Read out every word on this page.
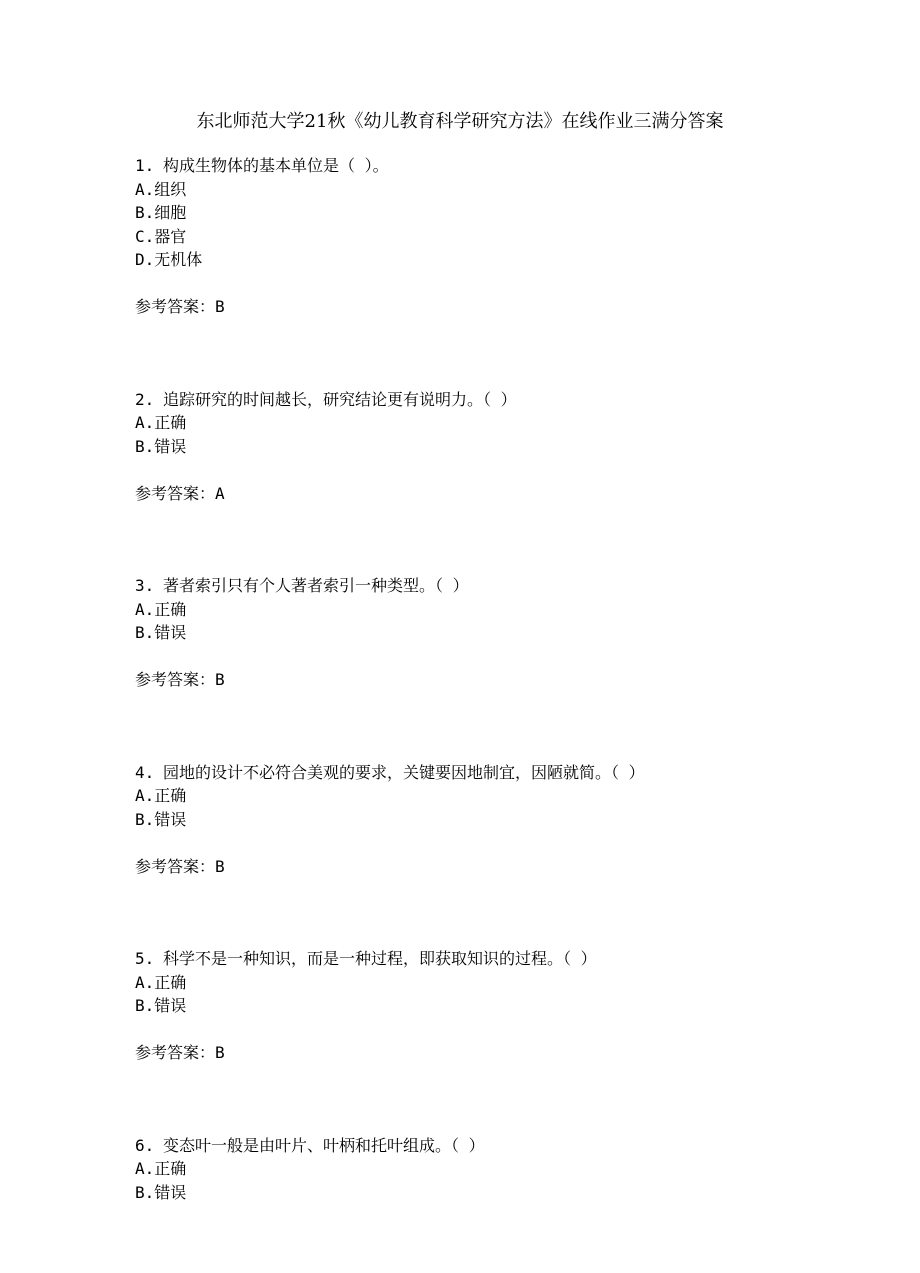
东北师范大学21秋《幼儿教育科学研究方法》在线作业三满分答案
1. 构成生物体的基本单位是（ ）。
A.组织
B.细胞
C.器官
D.无机体
参考答案：B
2. 追踪研究的时间越长，研究结论更有说明力。（ ）
A.正确
B.错误
参考答案：A
3. 著者索引只有个人著者索引一种类型。（ ）
A.正确
B.错误
参考答案：B
4. 园地的设计不必符合美观的要求，关键要因地制宜，因陋就简。（ ）
A.正确
B.错误
参考答案：B
5. 科学不是一种知识，而是一种过程，即获取知识的过程。（ ）
A.正确
B.错误
参考答案：B
6. 变态叶一般是由叶片、叶柄和托叶组成。（ ）
A.正确
B.错误
